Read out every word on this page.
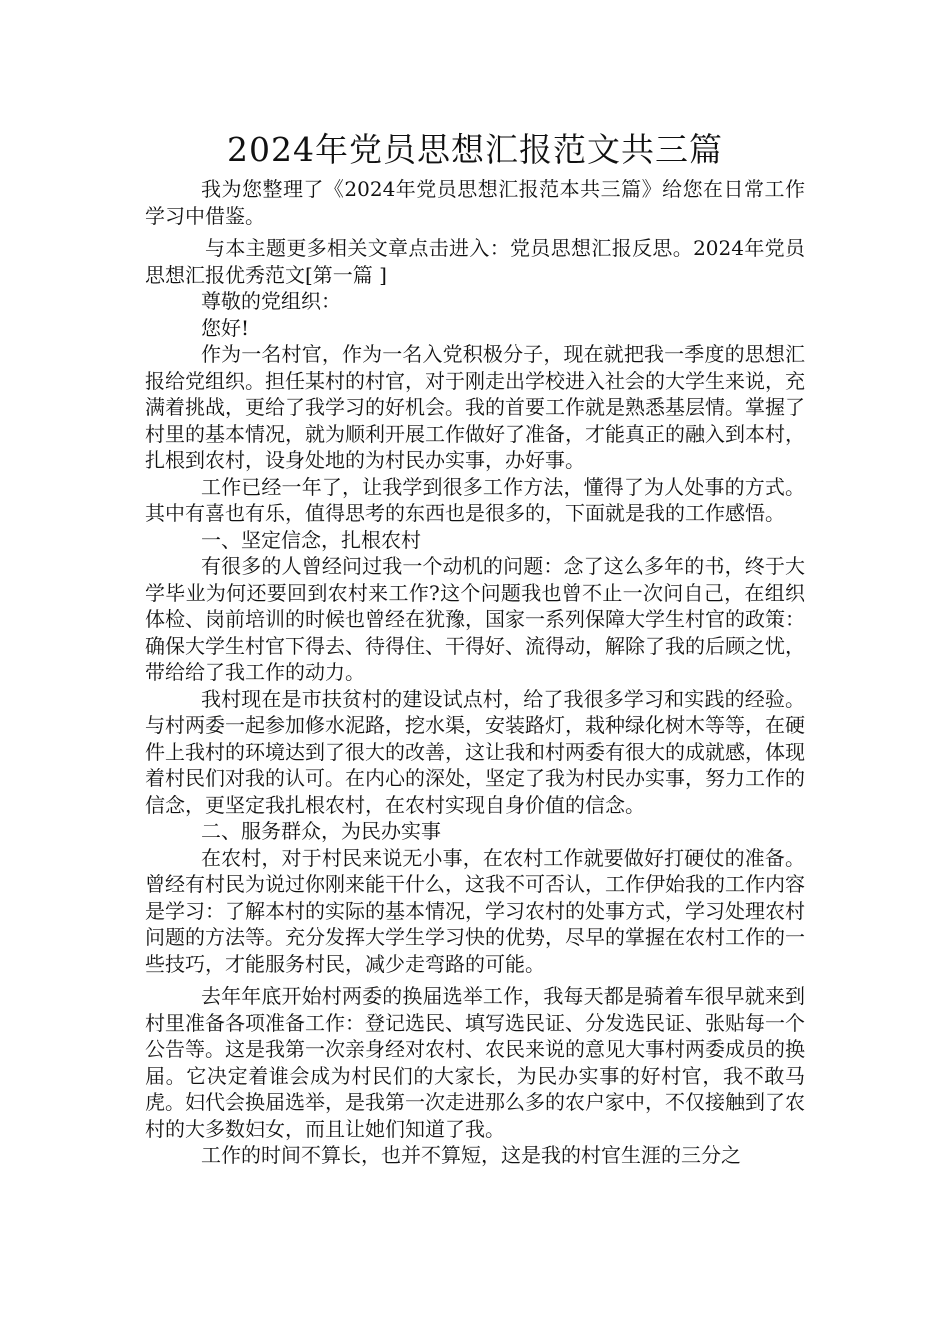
2024年党员思想汇报范文共三篇

我为您整理了《2024年党员思想汇报范本共三篇》给您在日常工作学习中借鉴。

与本主题更多相关文章点击进入：党员思想汇报反思。2024年党员思想汇报优秀范文[第一篇 ]

尊敬的党组织：

您好!

作为一名村官，作为一名入党积极分子，现在就把我一季度的思想汇报给党组织。担任某村的村官，对于刚走出学校进入社会的大学生来说，充满着挑战，更给了我学习的好机会。我的首要工作就是熟悉基层情。掌握了村里的基本情况，就为顺利开展工作做好了准备，才能真正的融入到本村，扎根到农村，设身处地的为村民办实事，办好事。

工作已经一年了，让我学到很多工作方法，懂得了为人处事的方式。其中有喜也有乐，值得思考的东西也是很多的，下面就是我的工作感悟。

一、坚定信念，扎根农村

有很多的人曾经问过我一个动机的问题：念了这么多年的书，终于大学毕业为何还要回到农村来工作?这个问题我也曾不止一次问自己，在组织体检、岗前培训的时候也曾经在犹豫，国家一系列保障大学生村官的政策：确保大学生村官下得去、待得住、干得好、流得动，解除了我的后顾之忧，带给给了我工作的动力。

我村现在是市扶贫村的建设试点村，给了我很多学习和实践的经验。与村两委一起参加修水泥路，挖水渠，安装路灯，栽种绿化树木等等，在硬件上我村的环境达到了很大的改善，这让我和村两委有很大的成就感，体现着村民们对我的认可。在内心的深处，坚定了我为村民办实事，努力工作的信念，更坚定我扎根农村，在农村实现自身价值的信念。

二、服务群众，为民办实事

在农村，对于村民来说无小事，在农村工作就要做好打硬仗的准备。曾经有村民为说过你刚来能干什么，这我不可否认，工作伊始我的工作内容是学习：了解本村的实际的基本情况，学习农村的处事方式，学习处理农村问题的方法等。充分发挥大学生学习快的优势，尽早的掌握在农村工作的一些技巧，才能服务村民，减少走弯路的可能。

去年年底开始村两委的换届选举工作，我每天都是骑着车很早就来到村里准备各项准备工作：登记选民、填写选民证、分发选民证、张贴每一个公告等。这是我第一次亲身经对农村、农民来说的意见大事村两委成员的换届。它决定着谁会成为村民们的大家长，为民办实事的好村官，我不敢马虎。妇代会换届选举，是我第一次走进那么多的农户家中，不仅接触到了农村的大多数妇女，而且让她们知道了我。

工作的时间不算长，也并不算短，这是我的村官生涯的三分之
